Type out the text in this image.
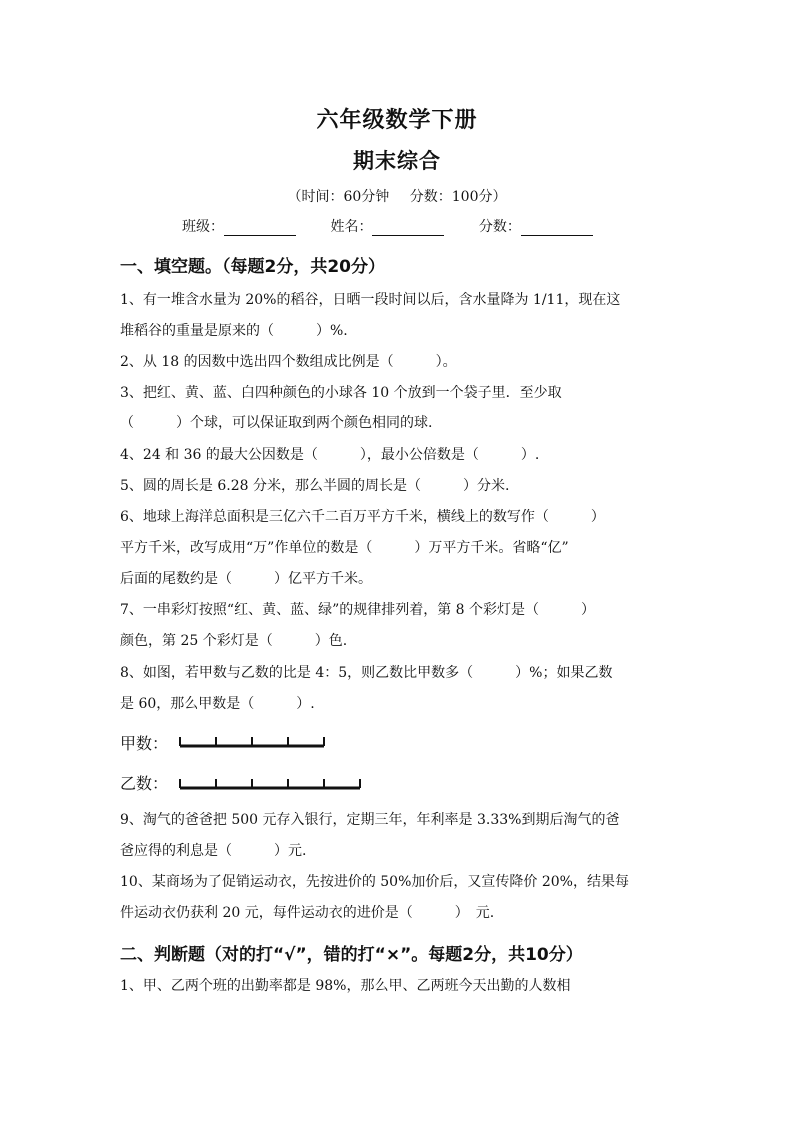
六年级数学下册
期末综合
（时间：60分钟 分数：100分）
班级：	姓名：	分数：
一、填空题。（每题2分，共20分）
1、有一堆含水量为 20%的稻谷，日晒一段时间以后，含水量降为 1/11，现在这
堆稻谷的重量是原来的（　　　）%.
2、从 18 的因数中选出四个数组成比例是（　　　）。
3、把红、黄、蓝、白四种颜色的小球各 10 个放到一个袋子里．至少取
（　　　）个球，可以保证取到两个颜色相同的球.
4、24 和 36 的最大公因数是（　　　），最小公倍数是（　　　）.
5、圆的周长是 6.28 分米，那么半圆的周长是（　　　）分米.
6、地球上海洋总面积是三亿六千二百万平方千米，横线上的数写作（　　　）
平方千米，改写成用“万”作单位的数是（　　　）万平方千米。省略“亿”
后面的尾数约是（　　　）亿平方千米。
7、一串彩灯按照“红、黄、蓝、绿”的规律排列着，第 8 个彩灯是（　　　）
颜色，第 25 个彩灯是（　　　）色.
8、如图，若甲数与乙数的比是 4：5，则乙数比甲数多（　　　）%；如果乙数
是 60，那么甲数是（　　　）.
甲数：
乙数：
9、淘气的爸爸把 500 元存入银行，定期三年，年利率是 3.33%到期后淘气的爸
爸应得的利息是（　　　）元.
10、某商场为了促销运动衣，先按进价的 50%加价后，又宣传降价 20%，结果每
件运动衣仍获利 20 元，每件运动衣的进价是（　　　）　元.
二、判断题（对的打“√”，错的打“×”。每题2分，共10分）
1、甲、乙两个班的出勤率都是 98%，那么甲、乙两班今天出勤的人数相
